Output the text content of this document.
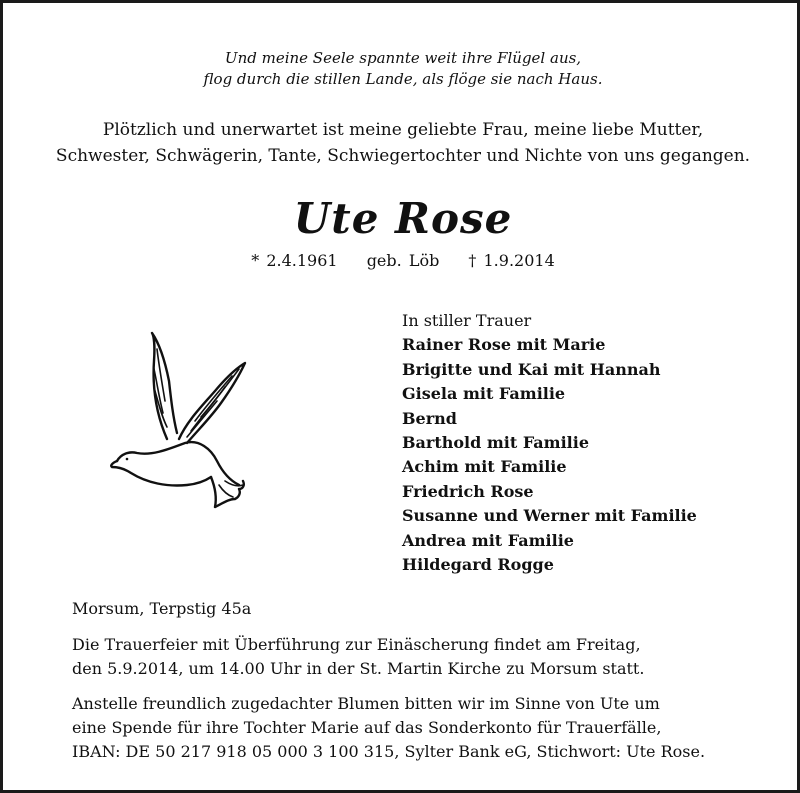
Und meine Seele spannte weit ihre Flügel aus,
flog durch die stillen Lande, als flöge sie nach Haus.
Plötzlich und unerwartet ist meine geliebte Frau, meine liebe Mutter,
Schwester, Schwägerin, Tante, Schwiegertochter und Nichte von uns gegangen.
Ute Rose
* 2.4.1961 geb. Löb † 1.9.2014
In stiller Trauer
Rainer Rose mit Marie
Brigitte und Kai mit Hannah
Gisela mit Familie
Bernd
Barthold mit Familie
Achim mit Familie
Friedrich Rose
Susanne und Werner mit Familie
Andrea mit Familie
Hildegard Rogge
Morsum, Terpstig 45a
Die Trauerfeier mit Überführung zur Einäscherung findet am Freitag,
den 5.9.2014, um 14.00 Uhr in der St. Martin Kirche zu Morsum statt.
Anstelle freundlich zugedachter Blumen bitten wir im Sinne von Ute um
eine Spende für ihre Tochter Marie auf das Sonderkonto für Trauerfälle,
IBAN: DE 50 217 918 05 000 3 100 315, Sylter Bank eG, Stichwort: Ute Rose.
